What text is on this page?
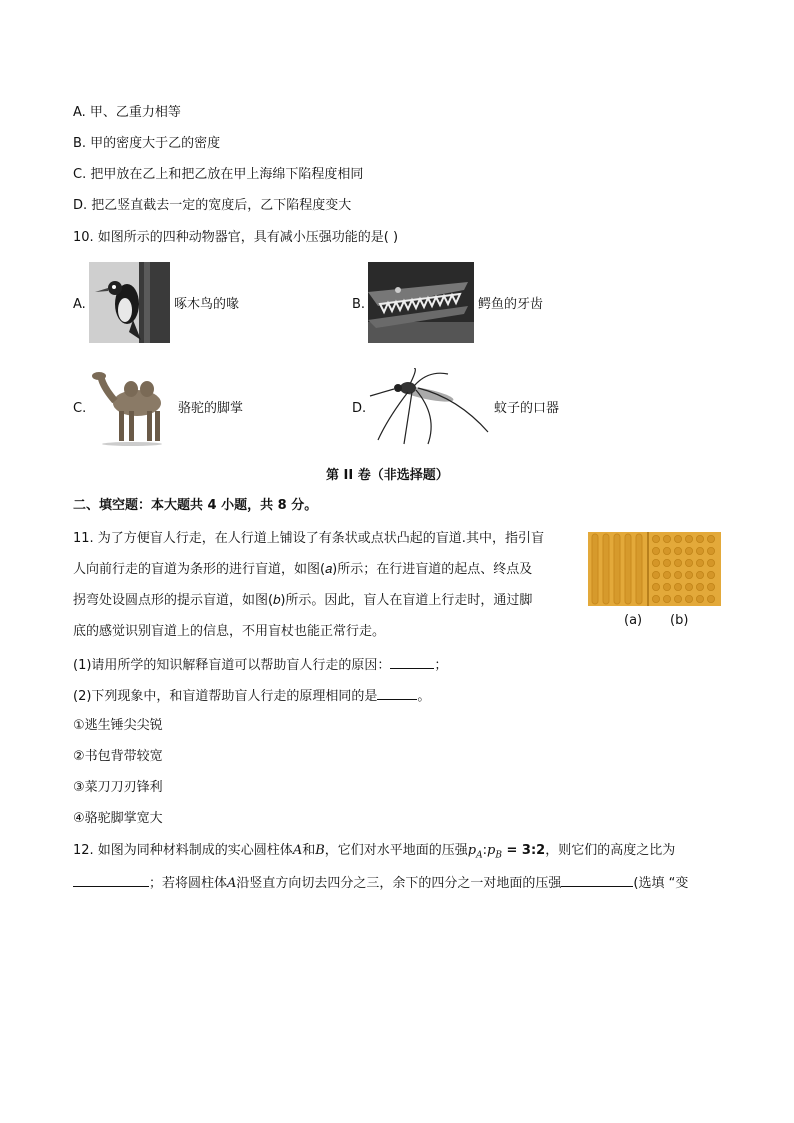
A. 甲、乙重力相等
B. 甲的密度大于乙的密度
C. 把甲放在乙上和把乙放在甲上海绵下陷程度相同
D. 把乙竖直截去一定的宽度后，乙下陷程度变大
10. 如图所示的四种动物器官，具有减小压强功能的是( )
A.	啄木鸟的喙	B.	鳄鱼的牙齿
C.	骆驼的脚掌	D.	蚊子的口器
第 II 卷（非选择题）
二、填空题：本大题共 4 小题，共 8 分。
11. 为了方便盲人行走，在人行道上铺设了有条状或点状凸起的盲道.其中，指引盲
人向前行走的盲道为条形的进行盲道，如图(𝑎)所示；在行进盲道的起点、终点及
拐弯处设圆点形的提示盲道，如图(𝑏)所示。因此，盲人在盲道上行走时，通过脚
底的感觉识别盲道上的信息，不用盲杖也能正常行走。
(a) (b)
(1)请用所学的知识解释盲道可以帮助盲人行走的原因：	；
(2)下列现象中，和盲道帮助盲人行走的原理相同的是	。
①逃生锤尖尖锐
②书包背带较宽
③菜刀刀刃锋利
④骆驼脚掌宽大
12. 如图为同种材料制成的实心圆柱体A和B，它们对水平地面的压强$p_A:p_B$ = 3:2，则它们的高度之比为
；若将圆柱体A沿竖直方向切去四分之三，余下的四分之一对地面的压强	(选填 “变
